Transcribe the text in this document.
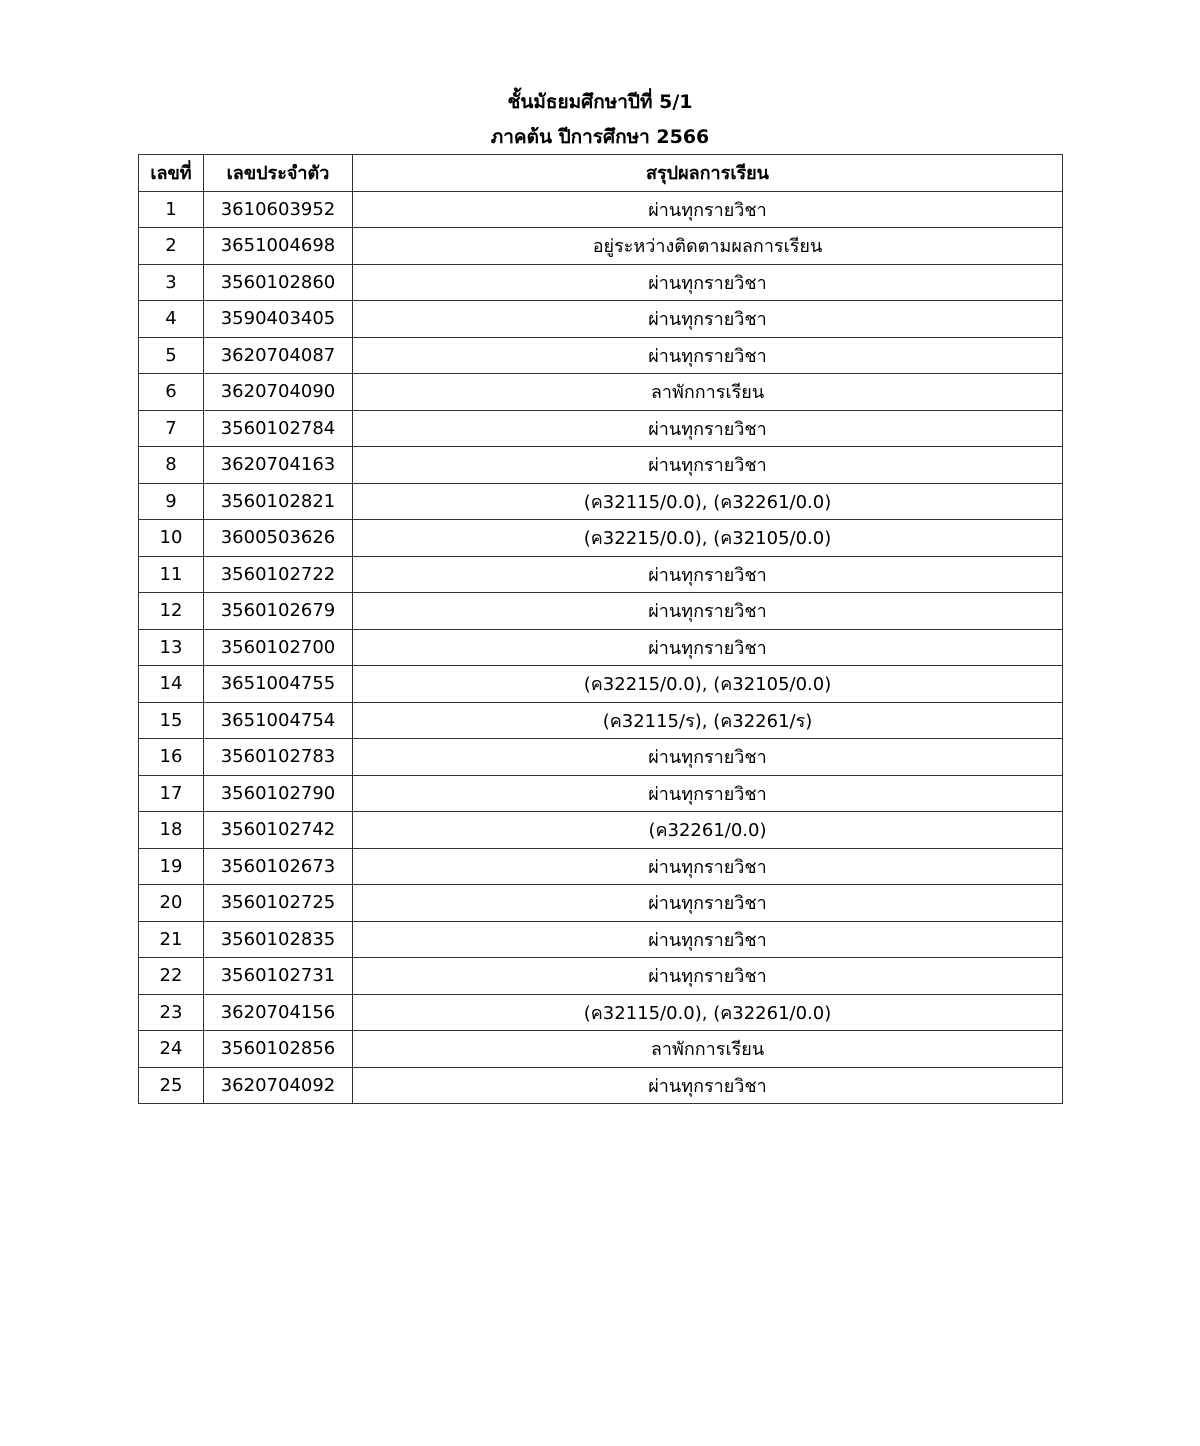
ชั้นมัธยมศึกษาปีที่ 5/1
ภาคต้น ปีการศึกษา 2566
เลขที่	เลขประจำตัว	สรุปผลการเรียน
1	3610603952	ผ่านทุกรายวิชา
2	3651004698	อยู่ระหว่างติดตามผลการเรียน
3	3560102860	ผ่านทุกรายวิชา
4	3590403405	ผ่านทุกรายวิชา
5	3620704087	ผ่านทุกรายวิชา
6	3620704090	ลาพักการเรียน
7	3560102784	ผ่านทุกรายวิชา
8	3620704163	ผ่านทุกรายวิชา
9	3560102821	(ค32115/0.0), (ค32261/0.0)
10	3600503626	(ค32215/0.0), (ค32105/0.0)
11	3560102722	ผ่านทุกรายวิชา
12	3560102679	ผ่านทุกรายวิชา
13	3560102700	ผ่านทุกรายวิชา
14	3651004755	(ค32215/0.0), (ค32105/0.0)
15	3651004754	(ค32115/ร), (ค32261/ร)
16	3560102783	ผ่านทุกรายวิชา
17	3560102790	ผ่านทุกรายวิชา
18	3560102742	(ค32261/0.0)
19	3560102673	ผ่านทุกรายวิชา
20	3560102725	ผ่านทุกรายวิชา
21	3560102835	ผ่านทุกรายวิชา
22	3560102731	ผ่านทุกรายวิชา
23	3620704156	(ค32115/0.0), (ค32261/0.0)
24	3560102856	ลาพักการเรียน
25	3620704092	ผ่านทุกรายวิชา
